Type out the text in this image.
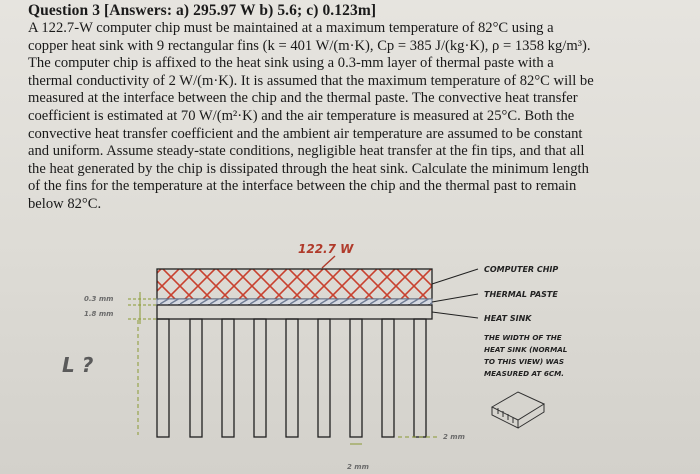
Question 3 [Answers: a) 295.97 W b) 5.6; c) 0.123m]
A 122.7-W computer chip must be maintained at a maximum temperature of 82°C using a
copper heat sink with 9 rectangular fins (k = 401 W/(m·K), Cp = 385 J/(kg·K), ρ = 1358 kg/m³).
The computer chip is affixed to the heat sink using a 0.3-mm layer of thermal paste with a
thermal conductivity of 2 W/(m·K). It is assumed that the maximum temperature of 82°C will be
measured at the interface between the chip and the thermal paste. The convective heat transfer
coefficient is estimated at 70 W/(m²·K) and the air temperature is measured at 25°C. Both the
convective heat transfer coefficient and the ambient air temperature are assumed to be constant
and uniform. Assume steady-state conditions, negligible heat transfer at the fin tips, and that all
the heat generated by the chip is dissipated through the heat sink. Calculate the minimum length
of the fins for the temperature at the interface between the chip and the thermal past to remain
below 82°C.
122.7 W
0.3 mm
1.8 mm
L ?
2 mm
2 mm
COMPUTER CHIP
THERMAL PASTE
HEAT SINK
THE WIDTH OF THE
HEAT SINK (NORMAL
TO THIS VIEW) WAS
MEASURED AT 6CM.
